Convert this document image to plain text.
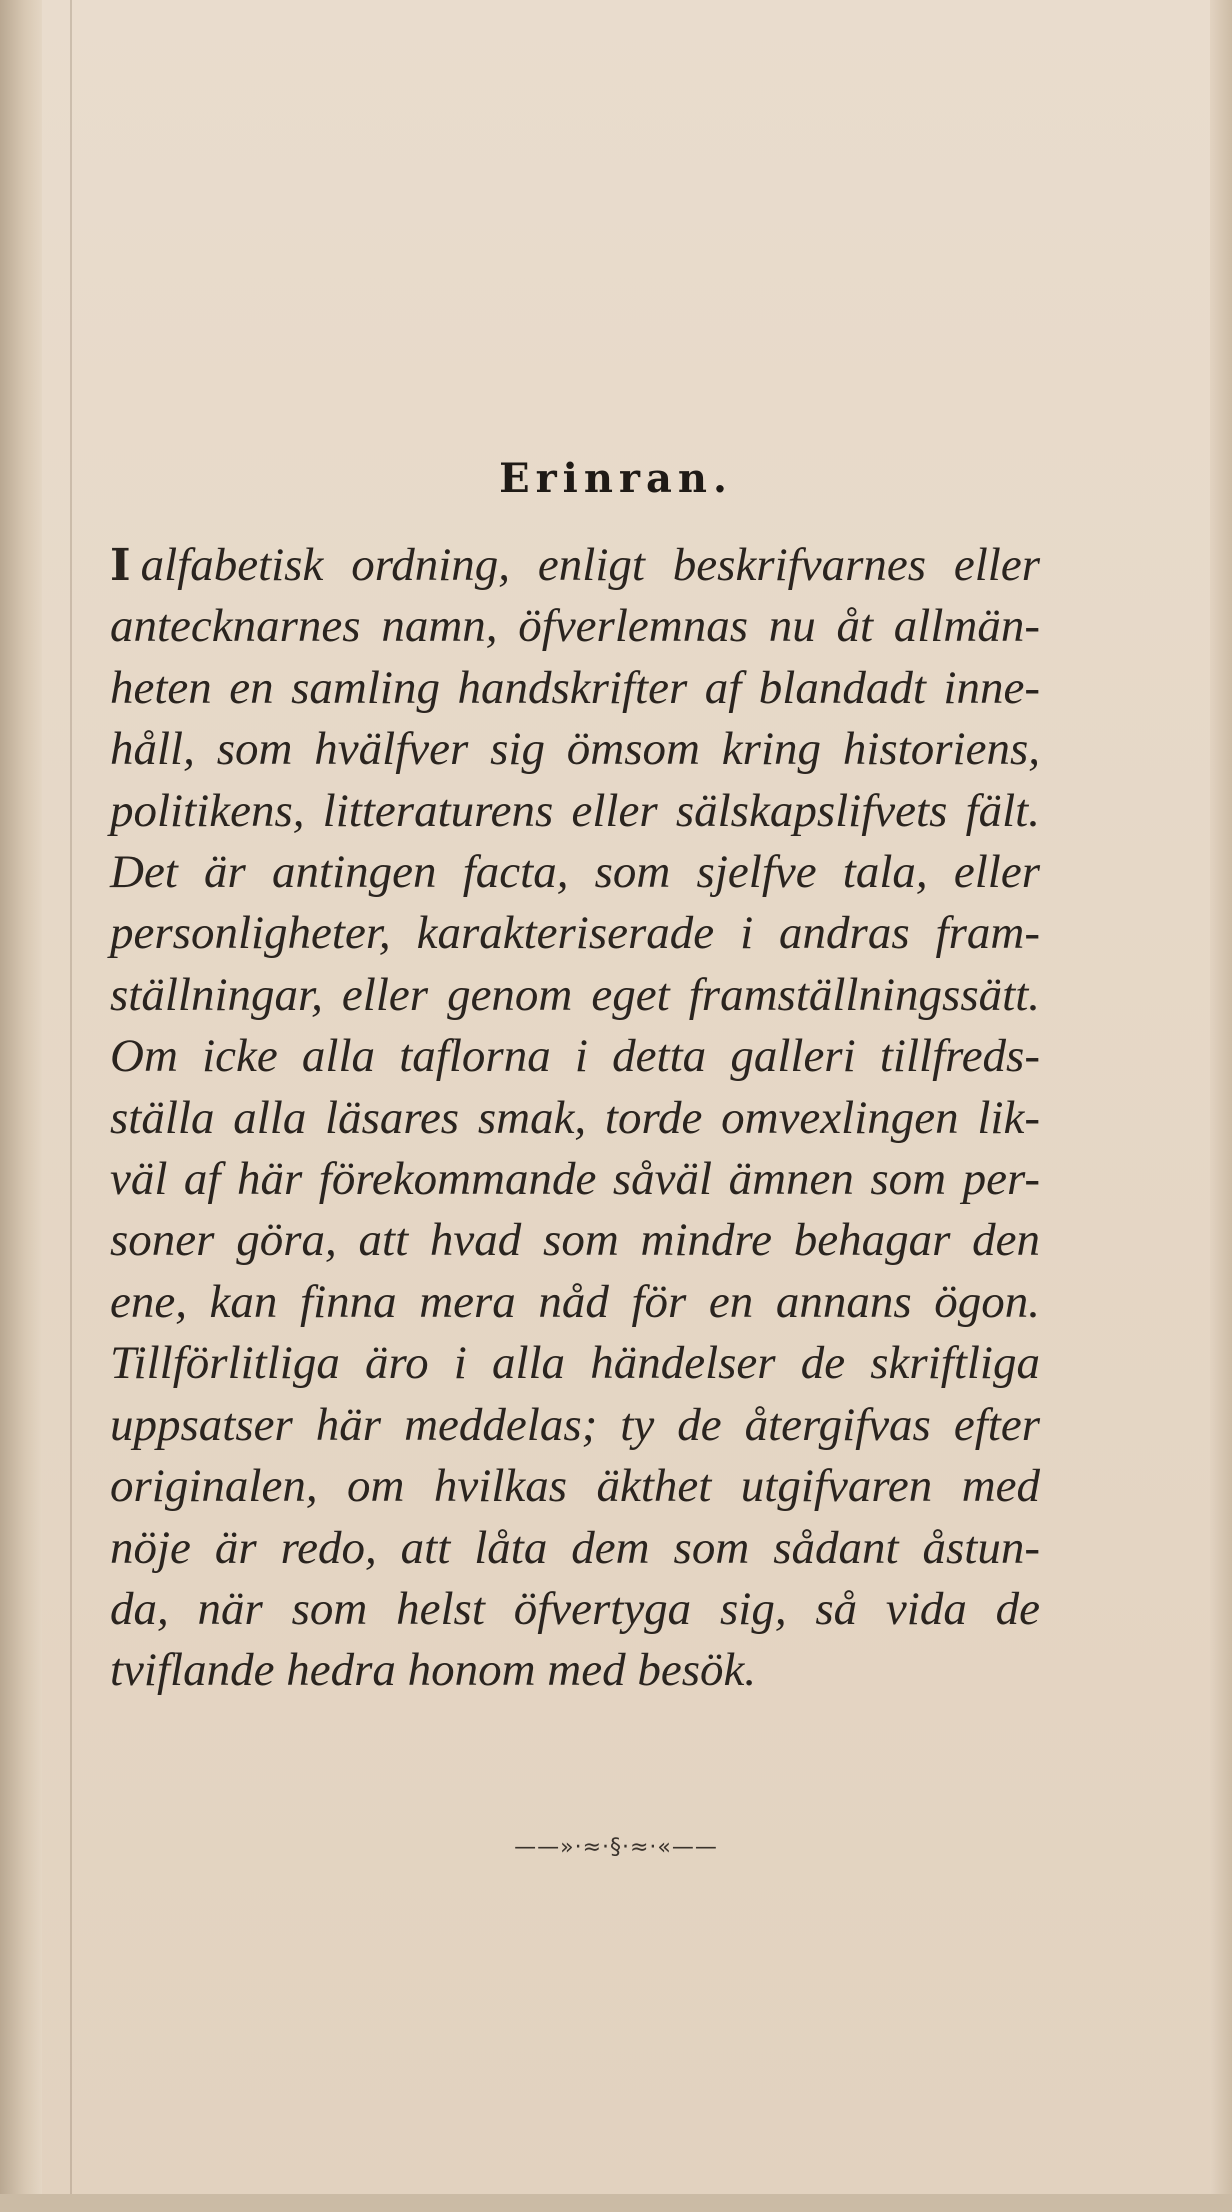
Erinran.
I alfabetisk ordning, enligt beskrifvarnes eller
antecknarnes namn, öfverlemnas nu åt allmän-
heten en samling handskrifter af blandadt inne-
håll, som hvälfver sig ömsom kring historiens,
politikens, litteraturens eller sälskapslifvets fält.
Det är antingen facta, som sjelfve tala, eller
personligheter, karakteriserade i andras fram-
ställningar, eller genom eget framställningssätt.
Om icke alla taflorna i detta galleri tillfreds-
ställa alla läsares smak, torde omvexlingen lik-
väl af här förekommande såväl ämnen som per-
soner göra, att hvad som mindre behagar den
ene, kan finna mera nåd för en annans ögon.
Tillförlitliga äro i alla händelser de skriftliga
uppsatser här meddelas; ty de återgifvas efter
originalen, om hvilkas äkthet utgifvaren med
nöje är redo, att låta dem som sådant åstun-
da, när som helst öfvertyga sig, så vida de
tviflande hedra honom med besök.
——»·≈·§·≈·«——
